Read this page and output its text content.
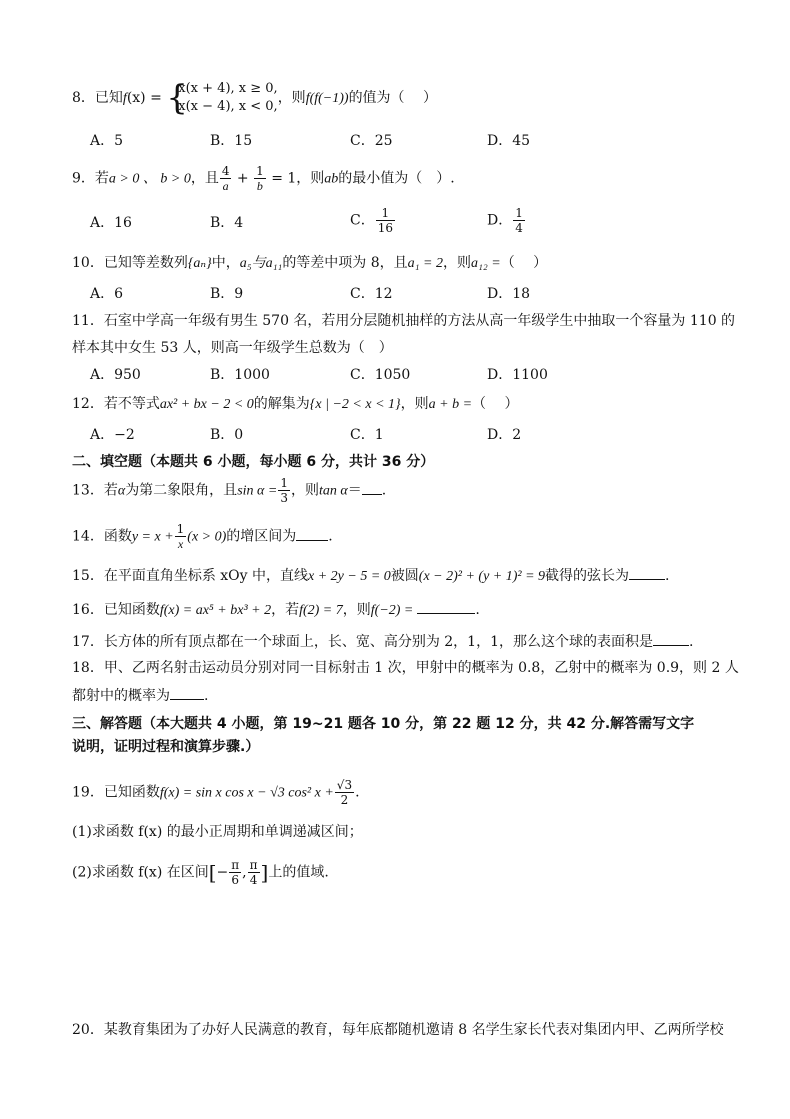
8．已知f(x) = {
x(x + 4), x ≥ 0,
x(x − 4), x < 0,
，则f(f(−1))的值为（　 ）
A．5	B．15	C．25	D．45
9．若a > 0 、 b > 0，且 $\frac{4}{a} + \frac{1}{b} = 1$，则ab的最小值为（　）.
A．16	B．4	C． $\frac{1}{16}$	D． $\frac{1}{4}$
10．已知等差数列{aₙ}中，a₅与a₁₁的等差中项为 8，且a₁ = 2，则a₁₂ =（　 ）
A．6	B．9	C．12	D．18
11．石室中学高一年级有男生 570 名，若用分层随机抽样的方法从高一年级学生中抽取一个容量为 110 的
样本其中女生 53 人，则高一年级学生总数为（　）
A．950	B．1000	C．1050	D．1100
12．若不等式ax² + bx − 2 < 0的解集为{x | −2 < x < 1}，则a + b =（　 ）
A．−2	B．0	C．1	D．2
二、填空题（本题共 6 小题，每小题 6 分，共计 36 分）
13．若α为第二象限角，且$\sin \alpha = \frac{1}{3}$ ，则tan α＝ .
14．函数$y = x + \frac{1}{x} (x > 0)$的增区间为 .
15．在平面直角坐标系 xOy 中，直线x + 2y − 5 = 0被圆(x − 2)² + (y + 1)² = 9截得的弦长为	.
16．已知函数f(x) = ax⁵ + bx³ + 2，若f(2) = 7，则f(−2) =	.
17．长方体的所有顶点都在一个球面上，长、宽、高分别为 2，1，1，那么这个球的表面积是	.
18．甲、乙两名射击运动员分别对同一目标射击 1 次，甲射中的概率为 0.8，乙射中的概率为 0.9，则 2 人
都射中的概率为 .
三、解答题（本大题共 4 小题，第 19~21 题各 10 分，第 22 题 12 分，共 42 分.解答需写文字
说明，证明过程和演算步骤.）
19．已知函数f(x) = sin x cos x − √3 cos² $x + \frac{√3}{2}$ .
(1)求函数 f(x) 的最小正周期和单调递减区间；
(2)求函数 f(x) 在区间[− $\frac{\pi}{6}$ , $\frac{\pi}{4}$ ]上的值域.
20．某教育集团为了办好人民满意的教育，每年底都随机邀请 8 名学生家长代表对集团内甲、乙两所学校
